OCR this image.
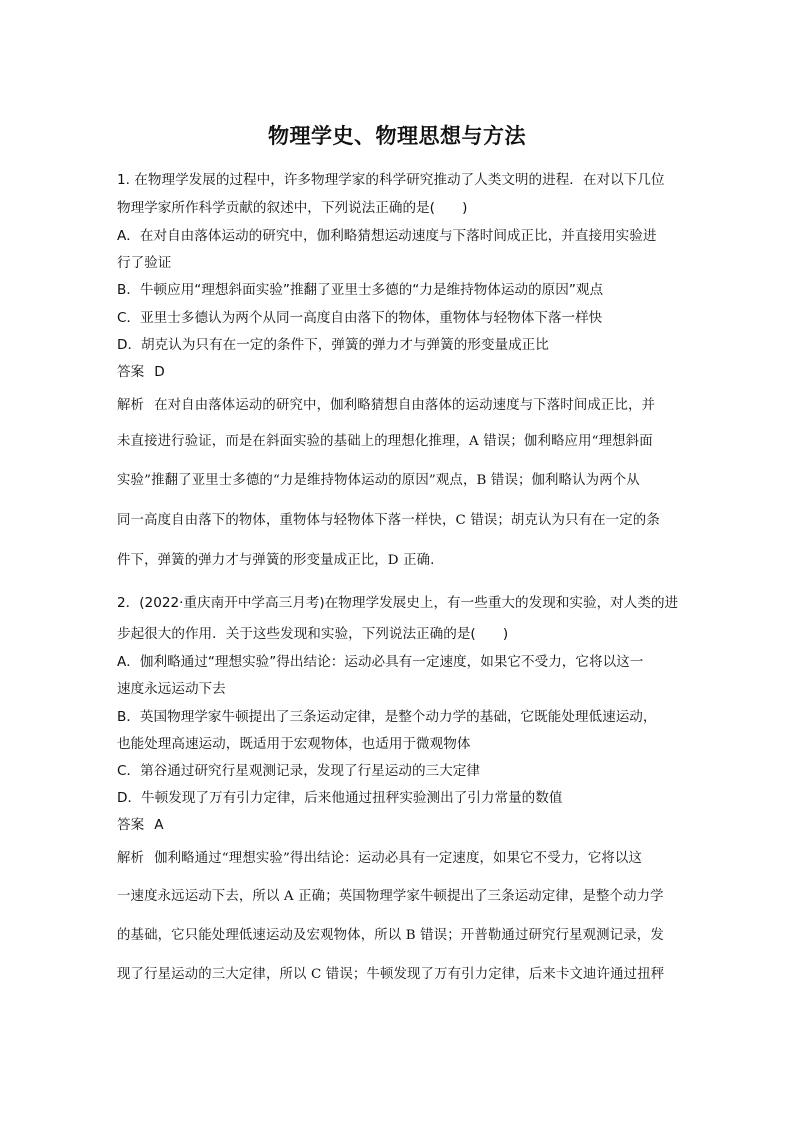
物理学史、物理思想与方法
1. 在物理学发展的过程中，许多物理学家的科学研究推动了人类文明的进程．在对以下几位
物理学家所作科学贡献的叙述中，下列说法正确的是(　　)
A．在对自由落体运动的研究中，伽利略猜想运动速度与下落时间成正比，并直接用实验进
行了验证
B．牛顿应用“理想斜面实验”推翻了亚里士多德的“力是维持物体运动的原因”观点
C．亚里士多德认为两个从同一高度自由落下的物体，重物体与轻物体下落一样快
D．胡克认为只有在一定的条件下，弹簧的弹力才与弹簧的形变量成正比
答案 D
解析 在对自由落体运动的研究中，伽利略猜想自由落体的运动速度与下落时间成正比，并
未直接进行验证，而是在斜面实验的基础上的理想化推理，A 错误；伽利略应用“理想斜面
实验”推翻了亚里士多德的“力是维持物体运动的原因”观点，B 错误；伽利略认为两个从
同一高度自由落下的物体，重物体与轻物体下落一样快，C 错误；胡克认为只有在一定的条
件下，弹簧的弹力才与弹簧的形变量成正比，D 正确.
2．(2022·重庆南开中学高三月考)在物理学发展史上，有一些重大的发现和实验，对人类的进
步起很大的作用．关于这些发现和实验，下列说法正确的是(　　)
A．伽利略通过“理想实验”得出结论：运动必具有一定速度，如果它不受力，它将以这一
速度永远运动下去
B．英国物理学家牛顿提出了三条运动定律，是整个动力学的基础，它既能处理低速运动，
也能处理高速运动，既适用于宏观物体，也适用于微观物体
C．第谷通过研究行星观测记录，发现了行星运动的三大定律
D．牛顿发现了万有引力定律，后来他通过扭秤实验测出了引力常量的数值
答案 A
解析 伽利略通过“理想实验”得出结论：运动必具有一定速度，如果它不受力，它将以这
一速度永远运动下去，所以 A 正确；英国物理学家牛顿提出了三条运动定律，是整个动力学
的基础，它只能处理低速运动及宏观物体，所以 B 错误；开普勒通过研究行星观测记录，发
现了行星运动的三大定律，所以 C 错误；牛顿发现了万有引力定律，后来卡文迪许通过扭秤
